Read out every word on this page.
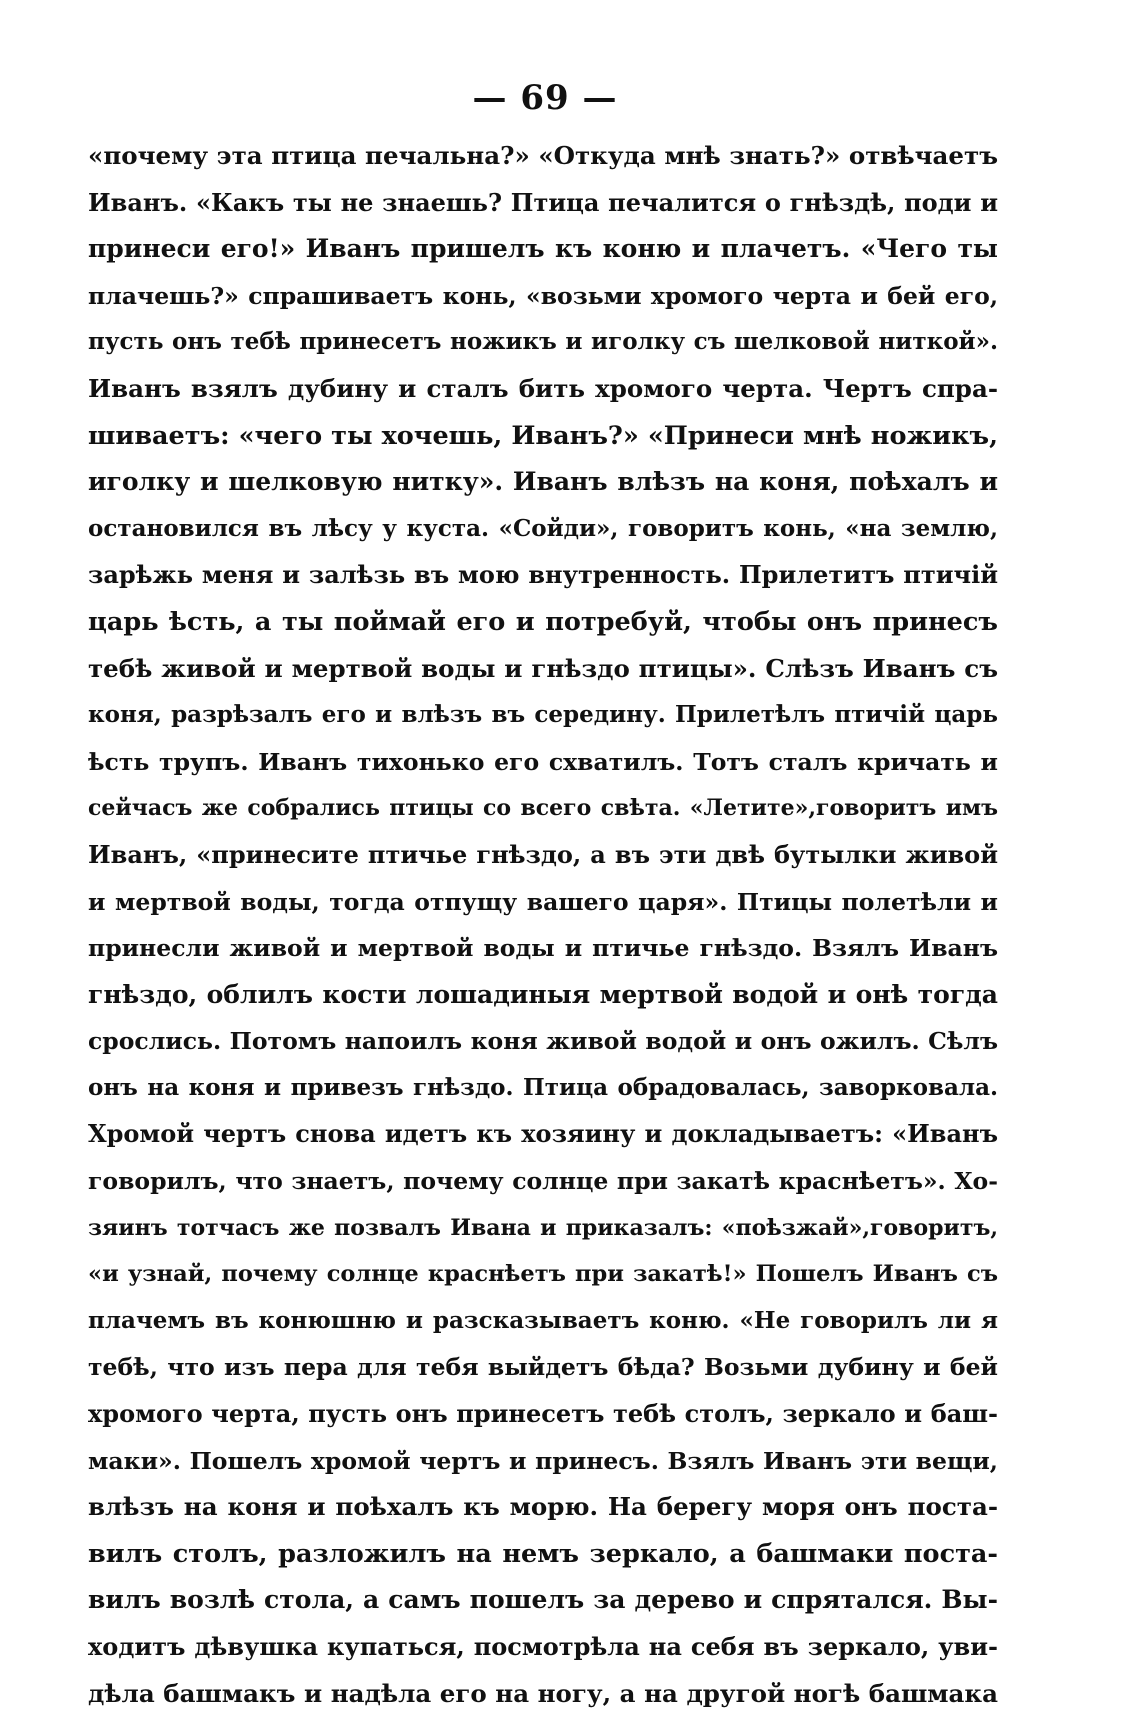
— 69 —
«почему эта птица печальна?» «Откуда мнѣ знать?» отвѣчаетъ
Иванъ. «Какъ ты не знаешь? Птица печалится о гнѣздѣ, поди и
принеси его!» Иванъ пришелъ къ коню и плачетъ. «Чего ты
плачешь?» спрашиваетъ конь, «возьми хромого черта и бей его,
пусть онъ тебѣ принесетъ ножикъ и иголку съ шелковой ниткой».
Иванъ взялъ дубину и сталъ бить хромого черта. Чертъ спра-
шиваетъ: «чего ты хочешь, Иванъ?» «Принеси мнѣ ножикъ,
иголку и шелковую нитку». Иванъ влѣзъ на коня, поѣхалъ и
остановился въ лѣсу у куста. «Сойди», говоритъ конь, «на землю,
зарѣжь меня и залѣзь въ мою внутренность. Прилетитъ птичій
царь ѣсть, а ты поймай его и потребуй, чтобы онъ принесъ
тебѣ живой и мертвой воды и гнѣздо птицы». Слѣзъ Иванъ съ
коня, разрѣзалъ его и влѣзъ въ середину. Прилетѣлъ птичій царь
ѣсть трупъ. Иванъ тихонько его схватилъ. Тотъ сталъ кричать и
сейчасъ же собрались птицы со всего свѣта. «Летите»,говоритъ имъ
Иванъ, «принесите птичье гнѣздо, а въ эти двѣ бутылки живой
и мертвой воды, тогда отпущу вашего царя». Птицы полетѣли и
принесли живой и мертвой воды и птичье гнѣздо. Взялъ Иванъ
гнѣздо, облилъ кости лошадиныя мертвой водой и онѣ тогда
срослись. Потомъ напоилъ коня живой водой и онъ ожилъ. Сѣлъ
онъ на коня и привезъ гнѣздо. Птица обрадовалась, заворковала.
Хромой чертъ снова идетъ къ хозяину и докладываетъ: «Иванъ
говорилъ, что знаетъ, почему солнце при закатѣ краснѣетъ». Хо-
зяинъ тотчасъ же позвалъ Ивана и приказалъ: «поѣзжай»,говоритъ,
«и узнай, почему солнце краснѣетъ при закатѣ!» Пошелъ Иванъ съ
плачемъ въ конюшню и разсказываетъ коню. «Не говорилъ ли я
тебѣ, что изъ пера для тебя выйдетъ бѣда? Возьми дубину и бей
хромого черта, пусть онъ принесетъ тебѣ столъ, зеркало и баш-
маки». Пошелъ хромой чертъ и принесъ. Взялъ Иванъ эти вещи,
влѣзъ на коня и поѣхалъ къ морю. На берегу моря онъ поста-
вилъ столъ, разложилъ на немъ зеркало, а башмаки поста-
вилъ возлѣ стола, а самъ пошелъ за дерево и спрятался. Вы-
ходитъ дѣвушка купаться, посмотрѣла на себя въ зеркало, уви-
дѣла башмакъ и надѣла его на ногу, а на другой ногѣ башмака
